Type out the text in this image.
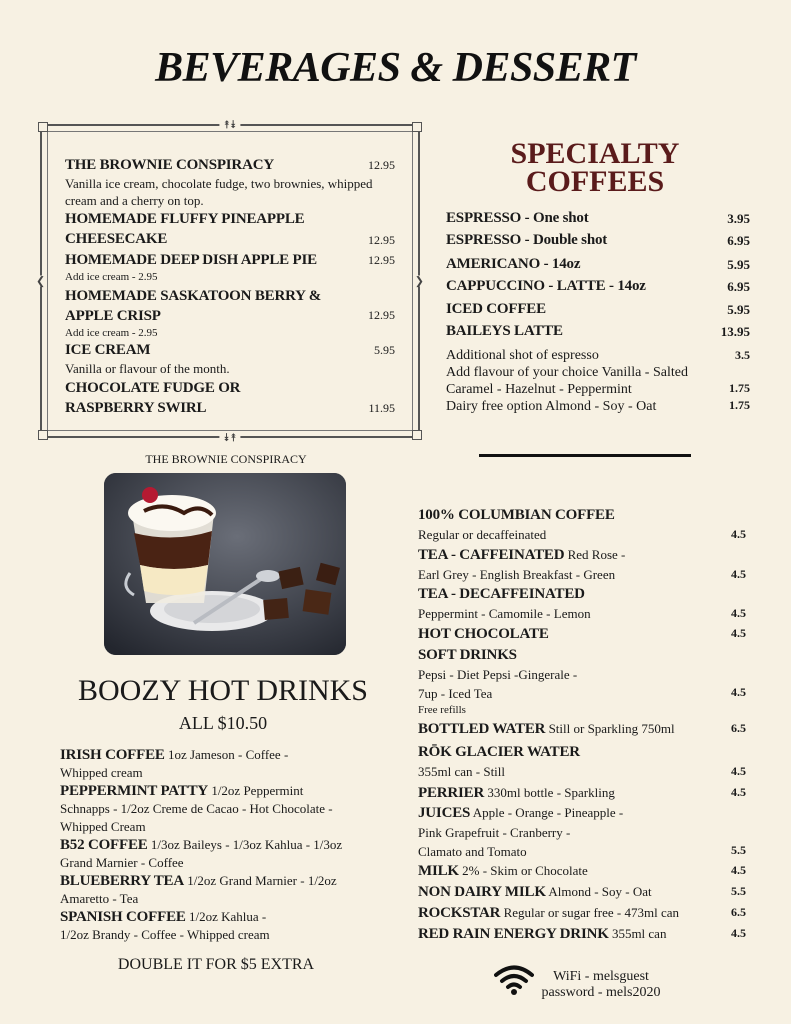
BEVERAGES & DESSERT
⯭⯯
⯯⯭
❮	❯
THE BROWNIE CONSPIRACY	12.95
Vanilla ice cream, chocolate fudge, two brownies, whipped cream and a cherry on top.
HOMEMADE FLUFFY PINEAPPLE
CHEESECAKE	12.95
HOMEMADE DEEP DISH APPLE PIE	12.95
Add ice cream - 2.95
HOMEMADE SASKATOON BERRY &
APPLE CRISP	12.95
Add ice cream - 2.95
ICE CREAM	5.95
Vanilla or flavour of the month.
CHOCOLATE FUDGE OR
RASPBERRY SWIRL	11.95
SPECIALTY
COFFEES
ESPRESSO - One shot	3.95
ESPRESSO - Double shot	6.95
AMERICANO - 14oz	5.95
CAPPUCCINO - LATTE - 14oz	6.95
ICED COFFEE	5.95
BAILEYS LATTE	13.95
Additional shot of espresso	3.5
Add flavour of your choice Vanilla - Salted
Caramel - Hazelnut - Peppermint	1.75
Dairy free option Almond - Soy - Oat	1.75
THE BROWNIE CONSPIRACY
BOOZY HOT DRINKS
ALL $10.50
IRISH COFFEE 1oz Jameson - Coffee -
Whipped cream
PEPPERMINT PATTY 1/2oz Peppermint
Schnapps - 1/2oz Creme de Cacao - Hot Chocolate -
Whipped Cream
B52 COFFEE 1/3oz Baileys - 1/3oz Kahlua - 1/3oz
Grand Marnier - Coffee
BLUEBERRY TEA 1/2oz Grand Marnier - 1/2oz
Amaretto - Tea
SPANISH COFFEE 1/2oz Kahlua -
1/2oz Brandy - Coffee - Whipped cream
DOUBLE IT FOR $5 EXTRA
100% COLUMBIAN COFFEE
Regular or decaffeinated	4.5
TEA - CAFFEINATED Red Rose -
Earl Grey - English Breakfast - Green	4.5
TEA - DECAFFEINATED
Peppermint - Camomile - Lemon	4.5
HOT CHOCOLATE	4.5
SOFT DRINKS
Pepsi - Diet Pepsi -Gingerale -
7up - Iced Tea	4.5
Free refills
BOTTLED WATER Still or Sparkling 750ml	6.5
RŌK GLACIER WATER
355ml can - Still	4.5
PERRIER 330ml bottle - Sparkling	4.5
JUICES Apple - Orange - Pineapple -
Pink Grapefruit - Cranberry -
Clamato and Tomato	5.5
MILK 2% - Skim or Chocolate	4.5
NON DAIRY MILK Almond - Soy - Oat	5.5
ROCKSTAR Regular or sugar free - 473ml can	6.5
RED RAIN ENERGY DRINK 355ml can	4.5
WiFi - melsguest
password - mels2020
